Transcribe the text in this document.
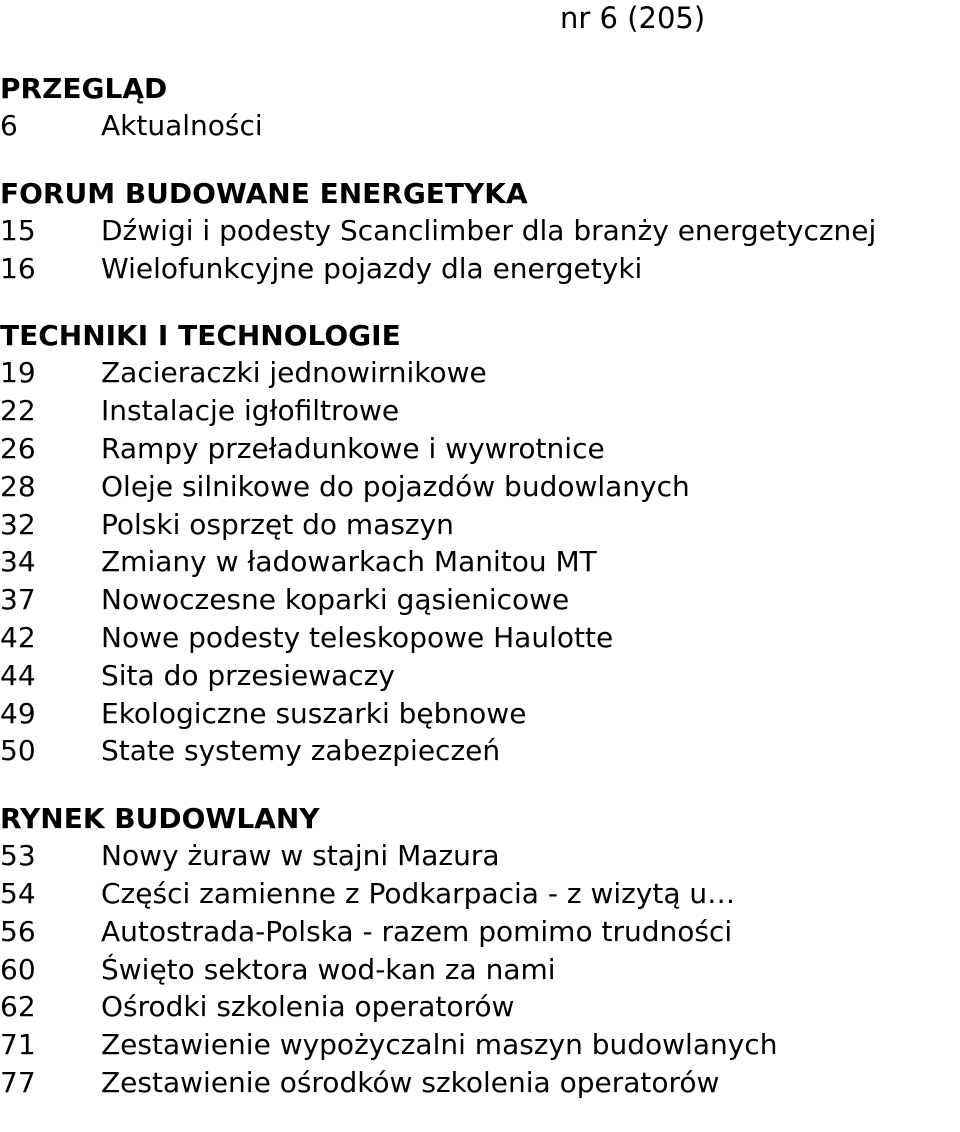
nr 6 (205)
PRZEGLĄD
6	Aktualności
FORUM BUDOWANE ENERGETYKA
15	Dźwigi i podesty Scanclimber dla branży energetycznej
16	Wielofunkcyjne pojazdy dla energetyki
TECHNIKI I TECHNOLOGIE
19	Zacieraczki jednowirnikowe
22	Instalacje igłofiltrowe
26	Rampy przeładunkowe i wywrotnice
28	Oleje silnikowe do pojazdów budowlanych
32	Polski osprzęt do maszyn
34	Zmiany w ładowarkach Manitou MT
37	Nowoczesne koparki gąsienicowe
42	Nowe podesty teleskopowe Haulotte
44	Sita do przesiewaczy
49	Ekologiczne suszarki bębnowe
50	State systemy zabezpieczeń
RYNEK BUDOWLANY
53	Nowy żuraw w stajni Mazura
54	Części zamienne z Podkarpacia - z wizytą u…
56	Autostrada-Polska - razem pomimo trudności
60	Święto sektora wod-kan za nami
62	Ośrodki szkolenia operatorów
71	Zestawienie wypożyczalni maszyn budowlanych
77	Zestawienie ośrodków szkolenia operatorów
